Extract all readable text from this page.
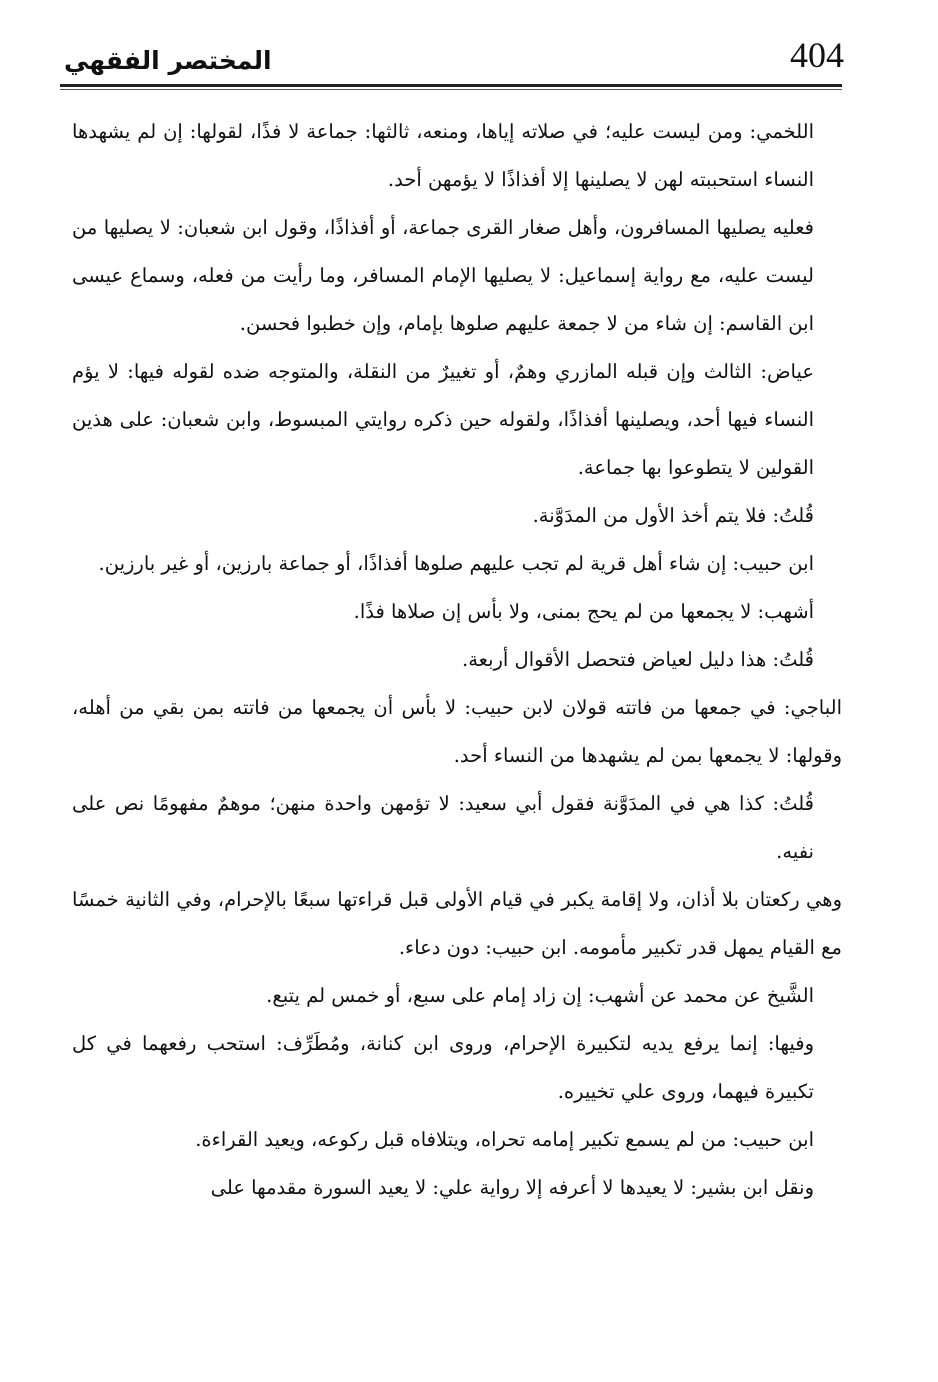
404
المختصر الفقهي

اللخمي: ومن ليست عليه؛ في صلاته إياها، ومنعه، ثالثها: جماعة لا فذًا، لقولها: إن لم يشهدها النساء استحببته لهن لا يصلينها إلا أفذاذًا لا يؤمهن أحد.

فعليه يصليها المسافرون، وأهل صغار القرى جماعة، أو أفذاذًا، وقول ابن شعبان: لا يصليها من ليست عليه، مع رواية إسماعيل: لا يصليها الإمام المسافر، وما رأيت من فعله، وسماع عيسى ابن القاسم: إن شاء من لا جمعة عليهم صلوها بإمام، وإن خطبوا فحسن.

عياض: الثالث وإن قبله المازري وهمٌ، أو تغييرٌ من النقلة، والمتوجه ضده لقوله فيها: لا يؤم النساء فيها أحد، ويصلينها أفذاذًا، ولقوله حين ذكره روايتي المبسوط، وابن شعبان: على هذين القولين لا يتطوعوا بها جماعة.

قُلتُ: فلا يتم أخذ الأول من المدَوَّنة.

ابن حبيب: إن شاء أهل قرية لم تجب عليهم صلوها أفذاذًا، أو جماعة بارزين، أو غير بارزين.

أشهب: لا يجمعها من لم يحج بمنى، ولا بأس إن صلاها فذًا.

قُلتُ: هذا دليل لعياض فتحصل الأقوال أربعة.

الباجي: في جمعها من فاتته قولان لابن حبيب: لا بأس أن يجمعها من فاتته بمن بقي من أهله، وقولها: لا يجمعها بمن لم يشهدها من النساء أحد.

قُلتُ: كذا هي في المدَوَّنة فقول أبي سعيد: لا تؤمهن واحدة منهن؛ موهمٌ مفهومًا نص على نفيه.

وهي ركعتان بلا أذان، ولا إقامة يكبر في قيام الأولى قبل قراءتها سبعًا بالإحرام، وفي الثانية خمسًا مع القيام يمهل قدر تكبير مأمومه. ابن حبيب: دون دعاء.

الشَّيخ عن محمد عن أشهب: إن زاد إمام على سبع، أو خمس لم يتبع.

وفيها: إنما يرفع يديه لتكبيرة الإحرام، وروى ابن كنانة، ومُطَرِّف: استحب رفعهما في كل تكبيرة فيهما، وروى علي تخييره.

ابن حبيب: من لم يسمع تكبير إمامه تحراه، ويتلافاه قبل ركوعه، ويعيد القراءة.

ونقل ابن بشير: لا يعيدها لا أعرفه إلا رواية علي: لا يعيد السورة مقدمها على
